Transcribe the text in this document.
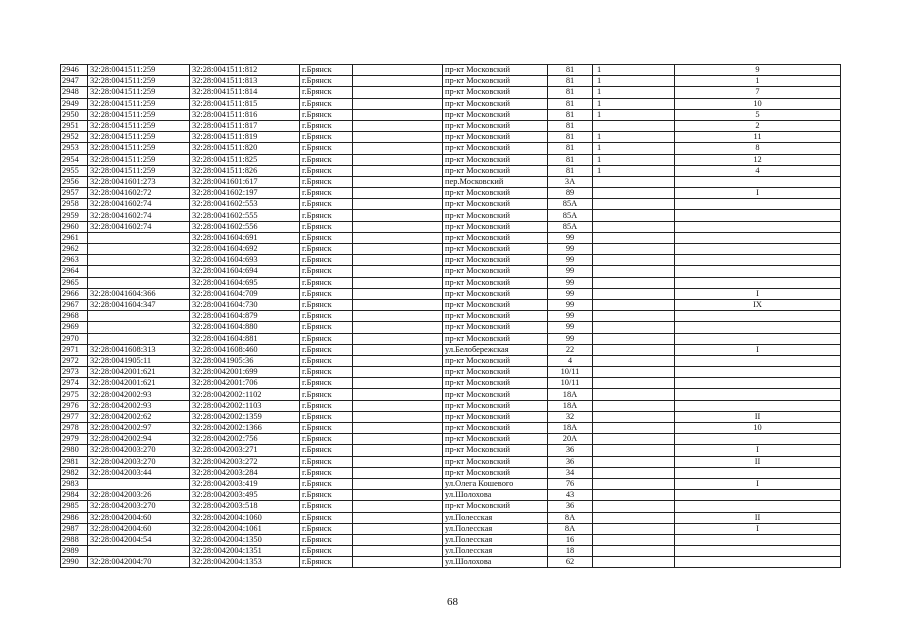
2946	32:28:0041511:259	32:28:0041511:812	г.Брянск		пр-кт Московский	81	1	9
2947	32:28:0041511:259	32:28:0041511:813	г.Брянск		пр-кт Московский	81	1	1
2948	32:28:0041511:259	32:28:0041511:814	г.Брянск		пр-кт Московский	81	1	7
2949	32:28:0041511:259	32:28:0041511:815	г.Брянск		пр-кт Московский	81	1	10
2950	32:28:0041511:259	32:28:0041511:816	г.Брянск		пр-кт Московский	81	1	5
2951	32:28:0041511:259	32:28:0041511:817	г.Брянск		пр-кт Московский	81		2
2952	32:28:0041511:259	32:28:0041511:819	г.Брянск		пр-кт Московский	81	1	11
2953	32:28:0041511:259	32:28:0041511:820	г.Брянск		пр-кт Московский	81	1	8
2954	32:28:0041511:259	32:28:0041511:825	г.Брянск		пр-кт Московский	81	1	12
2955	32:28:0041511:259	32:28:0041511:826	г.Брянск		пр-кт Московский	81	1	4
2956	32:28:0041601:273	32:28:0041601:617	г.Брянск		пер.Московский	3А		
2957	32:28:0041602:72	32:28:0041602:197	г.Брянск		пр-кт Московский	89		I
2958	32:28:0041602:74	32:28:0041602:553	г.Брянск		пр-кт Московский	85А		
2959	32:28:0041602:74	32:28:0041602:555	г.Брянск		пр-кт Московский	85А		
2960	32:28:0041602:74	32:28:0041602:556	г.Брянск		пр-кт Московский	85А		
2961		32:28:0041604:691	г.Брянск		пр-кт Московский	99		
2962		32:28:0041604:692	г.Брянск		пр-кт Московский	99		
2963		32:28:0041604:693	г.Брянск		пр-кт Московский	99		
2964		32:28:0041604:694	г.Брянск		пр-кт Московский	99		
2965		32:28:0041604:695	г.Брянск		пр-кт Московский	99		
2966	32:28:0041604:366	32:28:0041604:709	г.Брянск		пр-кт Московский	99		I
2967	32:28:0041604:347	32:28:0041604:730	г.Брянск		пр-кт Московский	99		IX
2968		32:28:0041604:879	г.Брянск		пр-кт Московский	99		
2969		32:28:0041604:880	г.Брянск		пр-кт Московский	99		
2970		32:28:0041604:881	г.Брянск		пр-кт Московский	99		
2971	32:28:0041608:313	32:28:0041608:460	г.Брянск		ул.Белобережская	22		I
2972	32:28:0041905:11	32:28:0041905:36	г.Брянск		пр-кт Московский	4		
2973	32:28:0042001:621	32:28:0042001:699	г.Брянск		пр-кт Московский	10/11		
2974	32:28:0042001:621	32:28:0042001:706	г.Брянск		пр-кт Московский	10/11		
2975	32:28:0042002:93	32:28:0042002:1102	г.Брянск		пр-кт Московский	18А		
2976	32:28:0042002:93	32:28:0042002:1103	г.Брянск		пр-кт Московский	18А		
2977	32:28:0042002:62	32:28:0042002:1359	г.Брянск		пр-кт Московский	32		II
2978	32:28:0042002:97	32:28:0042002:1366	г.Брянск		пр-кт Московский	18А		10
2979	32:28:0042002:94	32:28:0042002:756	г.Брянск		пр-кт Московский	20А		
2980	32:28:0042003:270	32:28:0042003:271	г.Брянск		пр-кт Московский	36		I
2981	32:28:0042003:270	32:28:0042003:272	г.Брянск		пр-кт Московский	36		II
2982	32:28:0042003:44	32:28:0042003:284	г.Брянск		пр-кт Московский	34		
2983		32:28:0042003:419	г.Брянск		ул.Олега Кошевого	76		I
2984	32:28:0042003:26	32:28:0042003:495	г.Брянск		ул.Шолохова	43		
2985	32:28:0042003:270	32:28:0042003:518	г.Брянск		пр-кт Московский	36		
2986	32:28:0042004:60	32:28:0042004:1060	г.Брянск		ул.Полесская	8А		II
2987	32:28:0042004:60	32:28:0042004:1061	г.Брянск		ул.Полесская	8А		I
2988	32:28:0042004:54	32:28:0042004:1350	г.Брянск		ул.Полесская	16		
2989		32:28:0042004:1351	г.Брянск		ул.Полесская	18		
2990	32:28:0042004:70	32:28:0042004:1353	г.Брянск		ул.Шолохова	62		
68
